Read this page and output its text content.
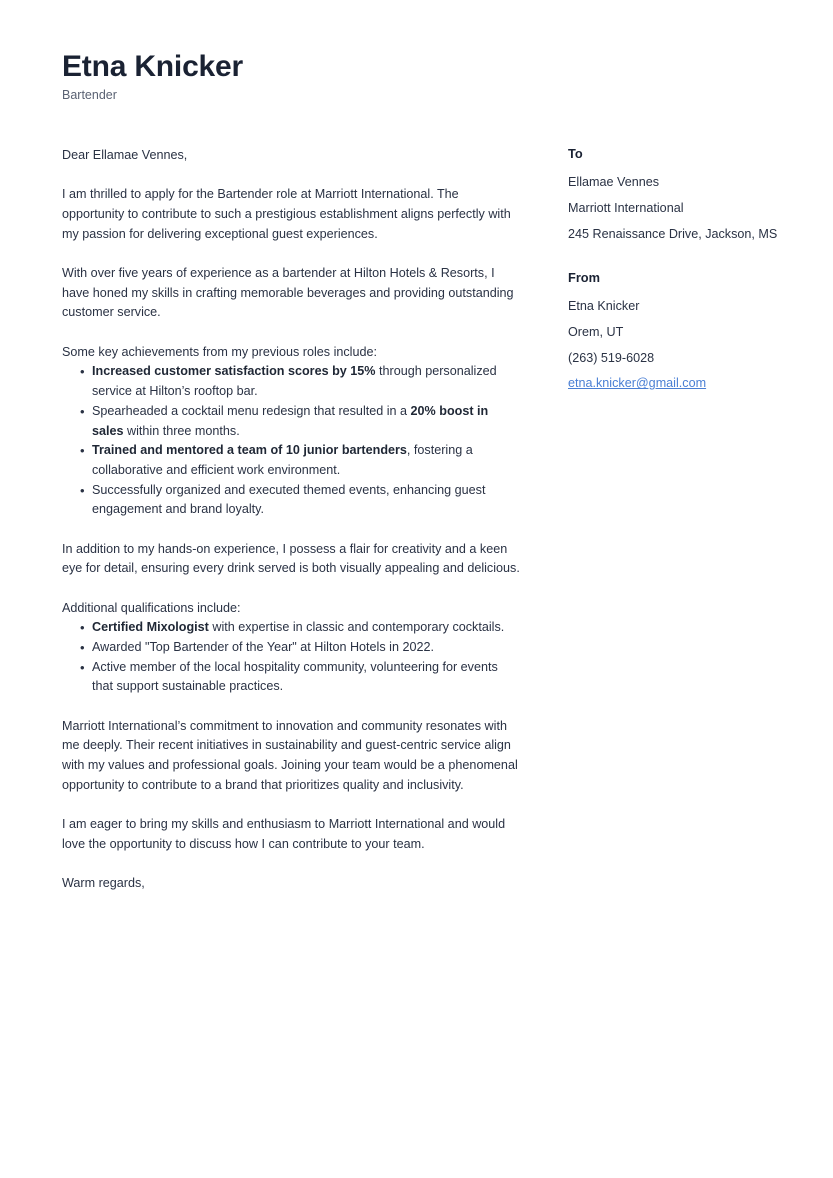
Etna Knicker

Bartender

Dear Ellamae Vennes,

I am thrilled to apply for the Bartender role at Marriott International. The opportunity to contribute to such a prestigious establishment aligns perfectly with my passion for delivering exceptional guest experiences.

With over five years of experience as a bartender at Hilton Hotels & Resorts, I have honed my skills in crafting memorable beverages and providing outstanding customer service.

Some key achievements from my previous roles include:

• Increased customer satisfaction scores by 15% through personalized service at Hilton’s rooftop bar.
• Spearheaded a cocktail menu redesign that resulted in a 20% boost in sales within three months.
• Trained and mentored a team of 10 junior bartenders, fostering a collaborative and efficient work environment.
• Successfully organized and executed themed events, enhancing guest engagement and brand loyalty.

In addition to my hands-on experience, I possess a flair for creativity and a keen eye for detail, ensuring every drink served is both visually appealing and delicious.

Additional qualifications include:

• Certified Mixologist with expertise in classic and contemporary cocktails.
• Awarded "Top Bartender of the Year" at Hilton Hotels in 2022.
• Active member of the local hospitality community, volunteering for events that support sustainable practices.

Marriott International’s commitment to innovation and community resonates with me deeply. Their recent initiatives in sustainability and guest-centric service align with my values and professional goals. Joining your team would be a phenomenal opportunity to contribute to a brand that prioritizes quality and inclusivity.

I am eager to bring my skills and enthusiasm to Marriott International and would love the opportunity to discuss how I can contribute to your team.

Warm regards,

To
Ellamae Vennes
Marriott International
245 Renaissance Drive, Jackson, MS
From
Etna Knicker
Orem, UT
(263) 519-6028
etna.knicker@gmail.com
